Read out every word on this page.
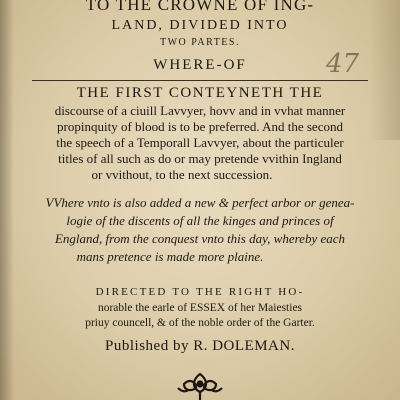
47
TO THE CROWNE OF ING-
LAND, DIVIDED INTO
TWO PARTES.
WHERE-OF
THE FIRST CONTEYNETH THE
discourse of a ciuill Lavvyer, hovv and in vvhat manner
propinquity of blood is to be preferred. And the second
the speech of a Temporall Lavvyer, about the particuler
titles of all such as do or may pretende vvithin Ingland
or vvithout, to the next succession.
VVhere vnto is also added a new & perfect arbor or genea-
logie of the discents of all the kinges and princes of
England, from the conquest vnto this day, whereby each
mans pretence is made more plaine.
DIRECTED TO THE RIGHT HO-
norable the earle of ESSEX of her Maiesties
priuy councell, & of the noble order of the Garter.
Published by R. DOLEMAN.
